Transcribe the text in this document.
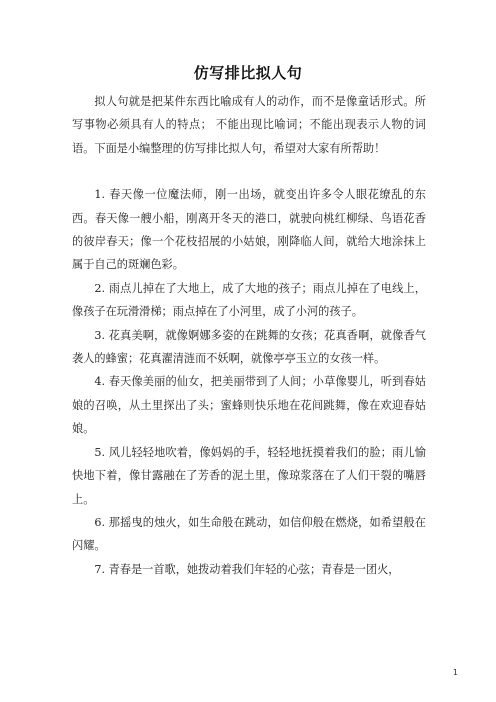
仿写排比拟人句

拟人句就是把某件东西比喻成有人的动作，而不是像童话形式。所写事物必须具有人的特点； 不能出现比喻词；不能出现表示人物的词语。下面是小编整理的仿写排比拟人句，希望对大家有所帮助！

1. 春天像一位魔法师，刚一出场，就变出许多令人眼花缭乱的东西。春天像一艘小船，刚离开冬天的港口，就驶向桃红柳绿、鸟语花香的彼岸春天；像一个花枝招展的小姑娘，刚降临人间，就给大地涂抹上属于自己的斑斓色彩。

2. 雨点儿掉在了大地上，成了大地的孩子；雨点儿掉在了电线上，像孩子在玩滑滑梯；雨点掉在了小河里，成了小河的孩子。

3. 花真美啊，就像婀娜多姿的在跳舞的女孩；花真香啊，就像香气袭人的蜂蜜；花真濯清涟而不妖啊，就像亭亭玉立的女孩一样。

4. 春天像美丽的仙女，把美丽带到了人间；小草像婴儿，听到春姑娘的召唤，从土里探出了头；蜜蜂则快乐地在花间跳舞，像在欢迎春姑娘。

5. 风儿轻轻地吹着，像妈妈的手，轻轻地抚摸着我们的脸；雨儿愉快地下着，像甘露融在了芳香的泥土里，像琼浆落在了人们干裂的嘴唇上。

6. 那摇曳的烛火，如生命般在跳动，如信仰般在燃烧，如希望般在闪耀。

7. 青春是一首歌，她拨动着我们年轻的心弦；青春是一团火，

1
